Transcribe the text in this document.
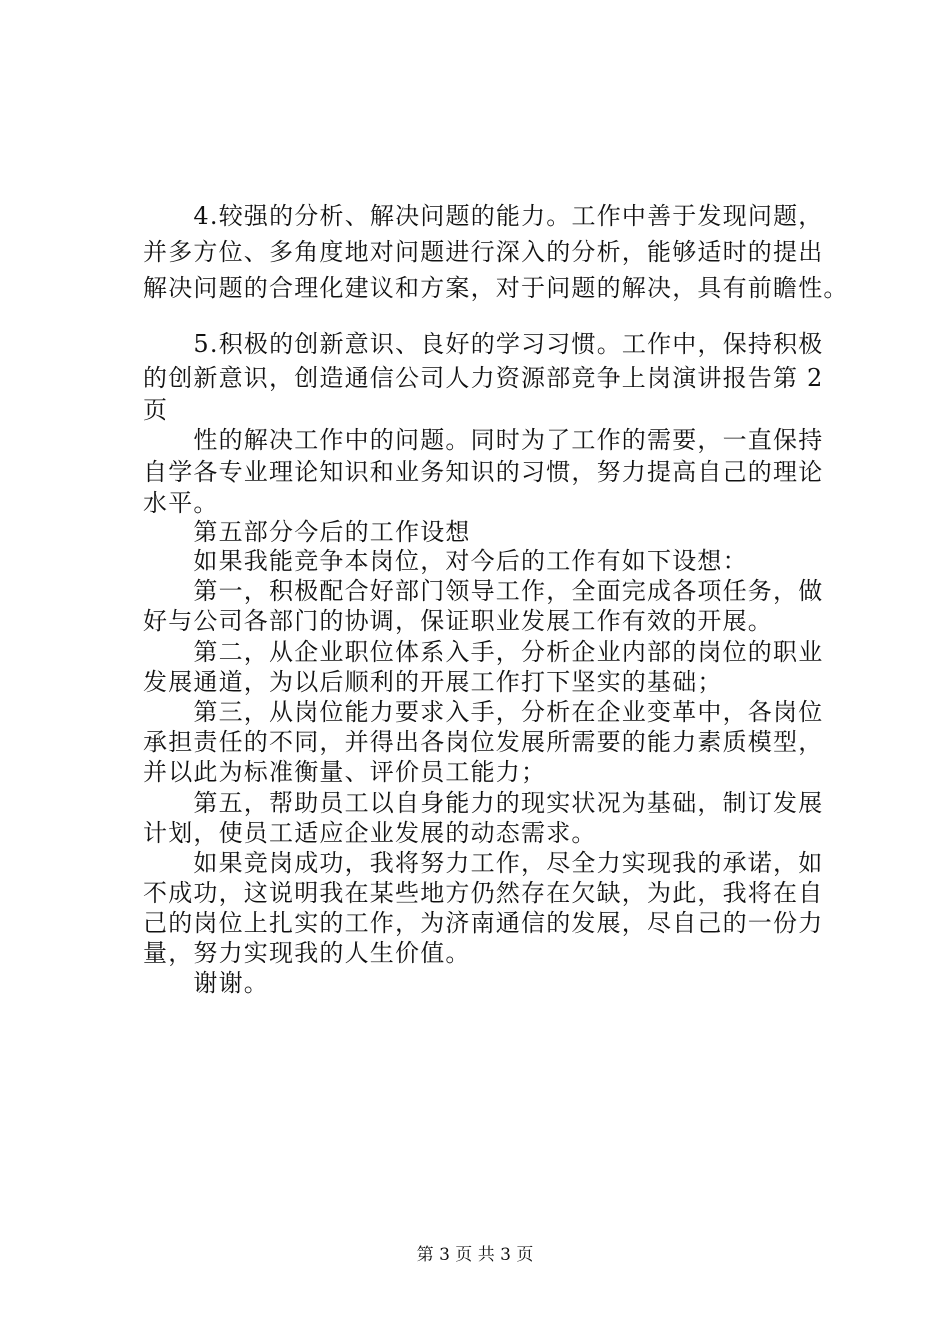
　　4.较强的分析、解决问题的能力。工作中善于发现问题，
并多方位、多角度地对问题进行深入的分析，能够适时的提出
解决问题的合理化建议和方案，对于问题的解决，具有前瞻性。
　　5.积极的创新意识、良好的学习习惯。工作中，保持积极
的创新意识，创造通信公司人力资源部竞争上岗演讲报告第 2
页
　　性的解决工作中的问题。同时为了工作的需要，一直保持
自学各专业理论知识和业务知识的习惯，努力提高自己的理论
水平。
　　第五部分今后的工作设想
　　如果我能竞争本岗位，对今后的工作有如下设想：
　　第一，积极配合好部门领导工作，全面完成各项任务，做
好与公司各部门的协调，保证职业发展工作有效的开展。
　　第二，从企业职位体系入手，分析企业内部的岗位的职业
发展通道，为以后顺利的开展工作打下坚实的基础；
　　第三，从岗位能力要求入手，分析在企业变革中，各岗位
承担责任的不同，并得出各岗位发展所需要的能力素质模型，
并以此为标准衡量、评价员工能力；
　　第五，帮助员工以自身能力的现实状况为基础，制订发展
计划，使员工适应企业发展的动态需求。
　　如果竞岗成功，我将努力工作，尽全力实现我的承诺，如
不成功，这说明我在某些地方仍然存在欠缺，为此，我将在自
己的岗位上扎实的工作，为济南通信的发展，尽自己的一份力
量，努力实现我的人生价值。
　　谢谢。
第 3 页 共 3 页
